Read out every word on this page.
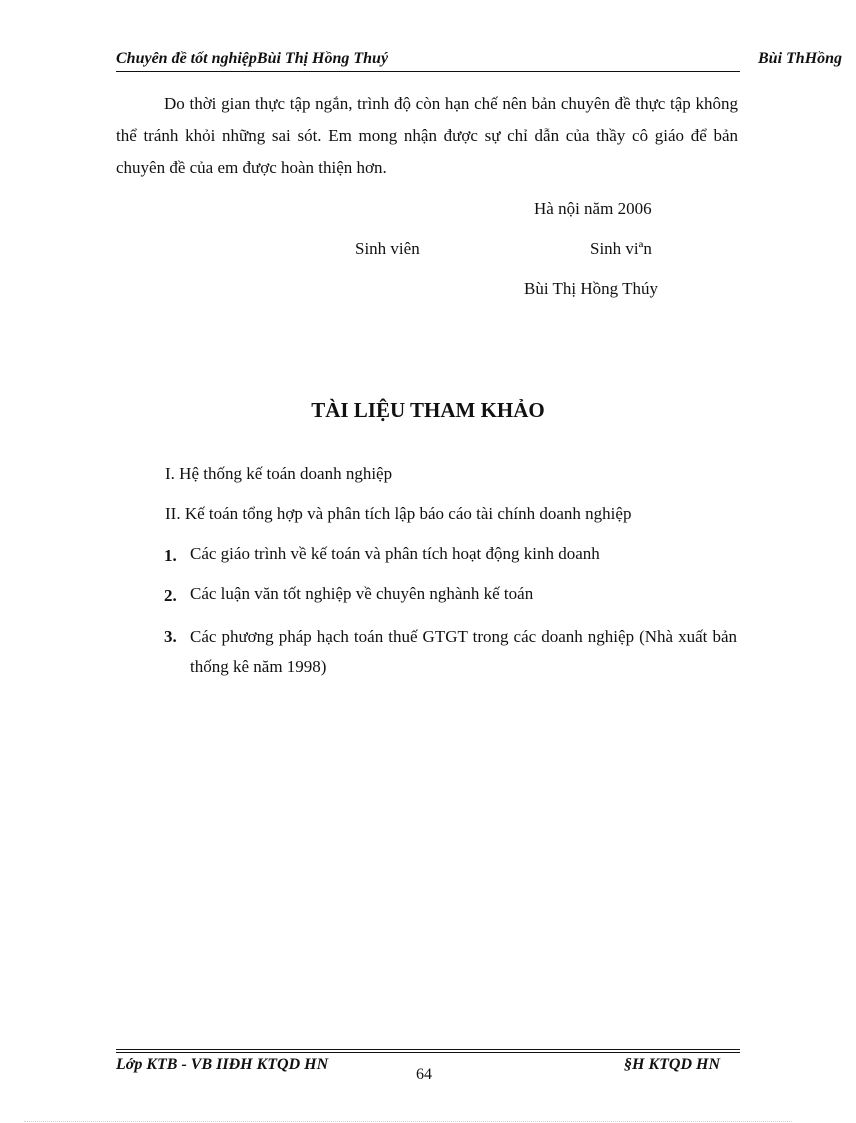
Chuyên đề tốt nghiệpBùi Thị Hồng Thuý	Bùi ThHồng
Do thời gian thực tập ngắn, trình độ còn hạn chế nên bản chuyên đề thực tập không thể tránh khỏi những sai sót. Em mong nhận được sự chỉ dẫn của thầy cô giáo để bản chuyên đề của em được hoàn thiện hơn.
Hà nội năm 2006
Sinh viên	Sinh viªn
Bùi Thị Hồng Thúy
TÀI LIỆU THAM KHẢO
I. Hệ thống kế toán doanh nghiệp
II. Kế toán tổng hợp và phân tích lập báo cáo tài chính doanh nghiệp
1. Các giáo trình về kế toán và phân tích hoạt động kinh doanh
2. Các luận văn tốt nghiệp về chuyên nghành kế toán
3. Các phương pháp hạch toán thuế GTGT trong các doanh nghiệp (Nhà xuất bản thống kê năm 1998)
Lớp KTB - VB IIĐH KTQD HN
64
§H KTQD HN
